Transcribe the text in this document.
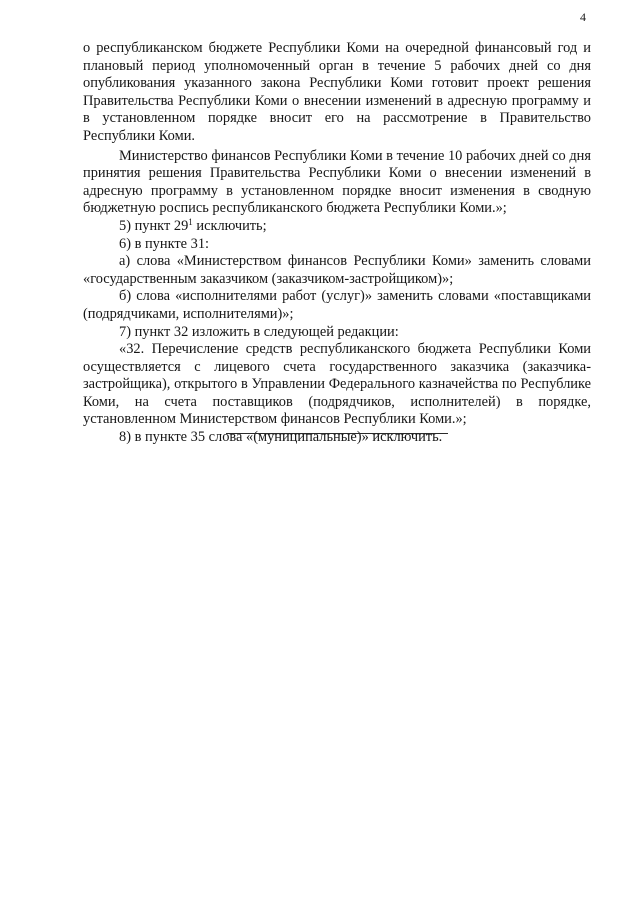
4

о республиканском бюджете Республики Коми на очередной финансовый год и плановый период уполномоченный орган в течение 5 рабочих дней со дня опубликования указанного закона Республики Коми готовит проект решения Правительства Республики Коми о внесении изменений в адресную программу и в установленном порядке вносит его на рассмотрение в Правительство Республики Коми.

Министерство финансов Республики Коми в течение 10 рабочих дней со дня принятия решения Правительства Республики Коми о внесении изменений в адресную программу в установленном порядке вносит изменения в сводную бюджетную роспись республиканского бюджета Республики Коми.»;

5) пункт $29^1$ исключить;

6) в пункте 31:

а) слова «Министерством финансов Республики Коми» заменить словами «государственным заказчиком (заказчиком-застройщиком)»;

б) слова «исполнителями работ (услуг)» заменить словами «поставщиками (подрядчиками, исполнителями)»;

7) пункт 32 изложить в следующей редакции:

«32. Перечисление средств республиканского бюджета Республики Коми осуществляется с лицевого счета государственного заказчика (заказчика-застройщика), открытого в Управлении Федерального казначейства по Республике Коми, на счета поставщиков (подрядчиков, исполнителей) в порядке, установленном Министерством финансов Республики Коми.»;

8) в пункте 35 слова «(муниципальные)» исключить.
